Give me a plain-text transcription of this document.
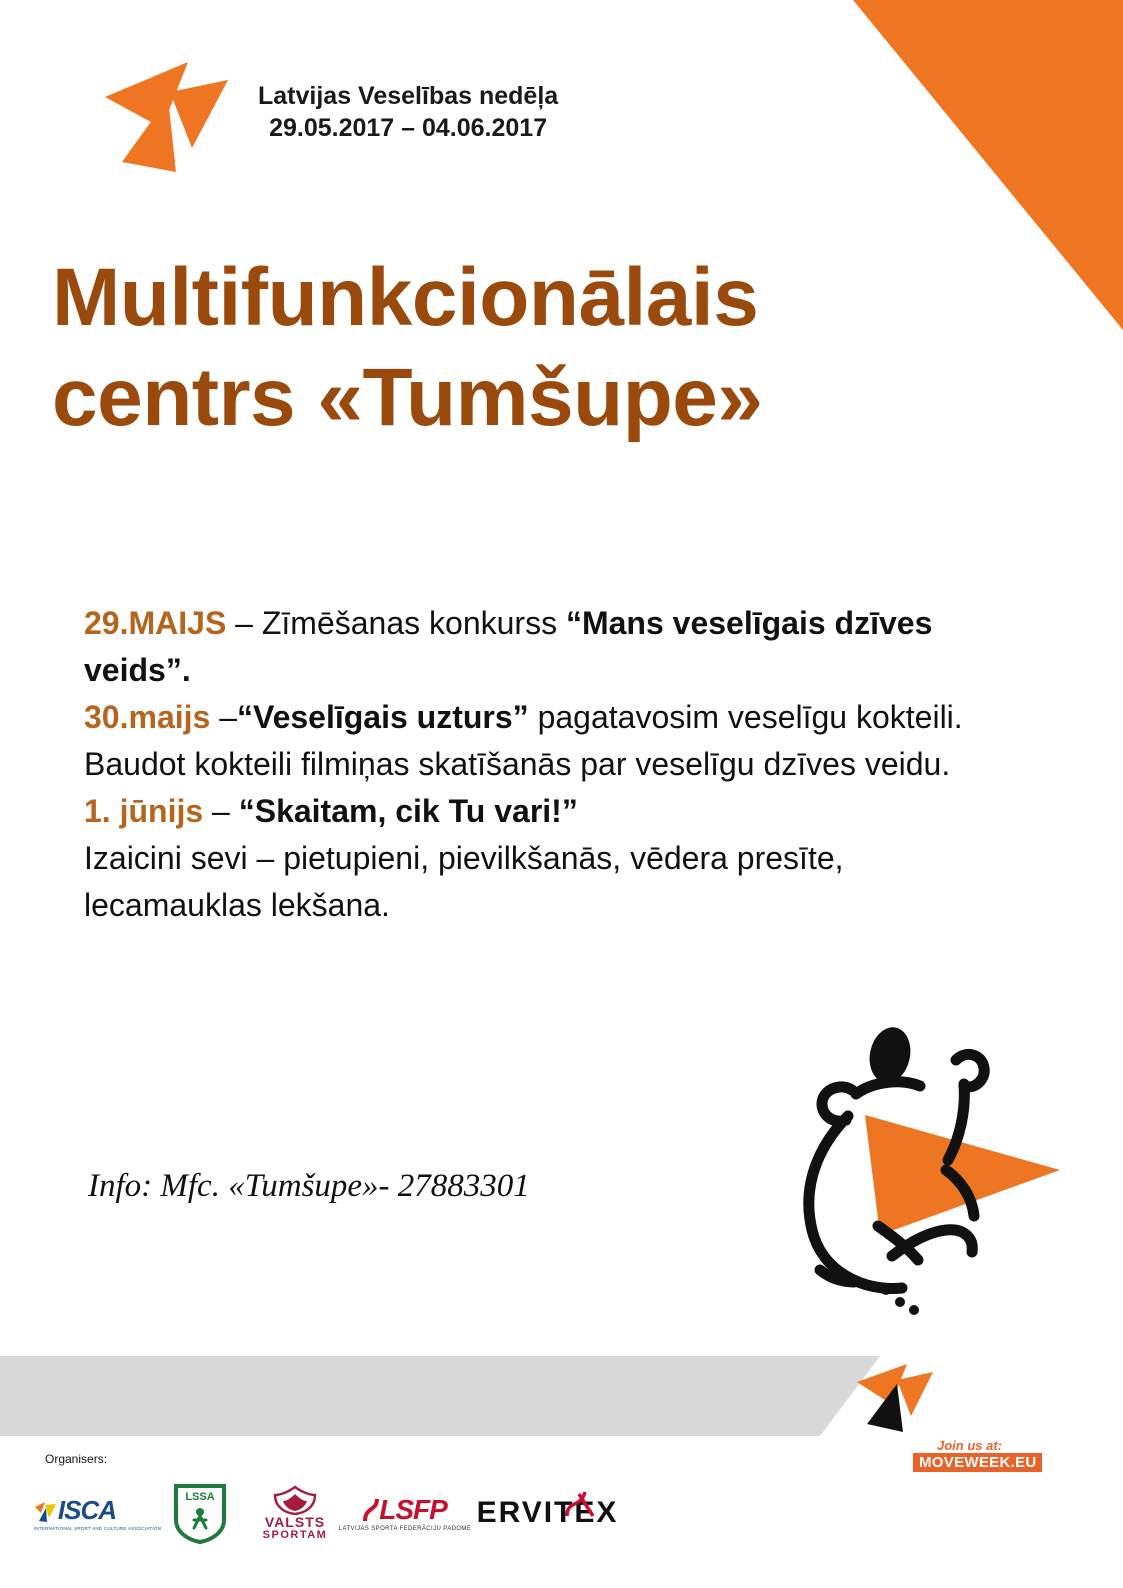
Latvijas Veselības nedēļa
29.05.2017 – 04.06.2017
Multifunkcionālais
centrs «Tumšupe»

29.MAIJS – Zīmēšanas konkurss “Mans veselīgais dzīves veids”.

30.maijs –“Veselīgais uzturs” pagatavosim veselīgu kokteili. Baudot kokteili filmiņas skatīšanās par veselīgu dzīves veidu.

1. jūnijs – “Skaitam, cik Tu vari!”

Izaicini sevi – pietupieni, pievilkšanās, vēdera presīte, lecamauklas lekšana.

Info: Mfc. «Tumšupe»- 27883301
NOW
WE MOVE
Join us at:
MOVEWEEK.EU
Organisers:
ISCA
INTERNATIONAL SPORT AND CULTURE ASSOCIATION
LSSA
VALSTS
SPORTAM
LSFP
LATVIJAS SPORTA FEDERĀCIJU PADOME ERVITEX
